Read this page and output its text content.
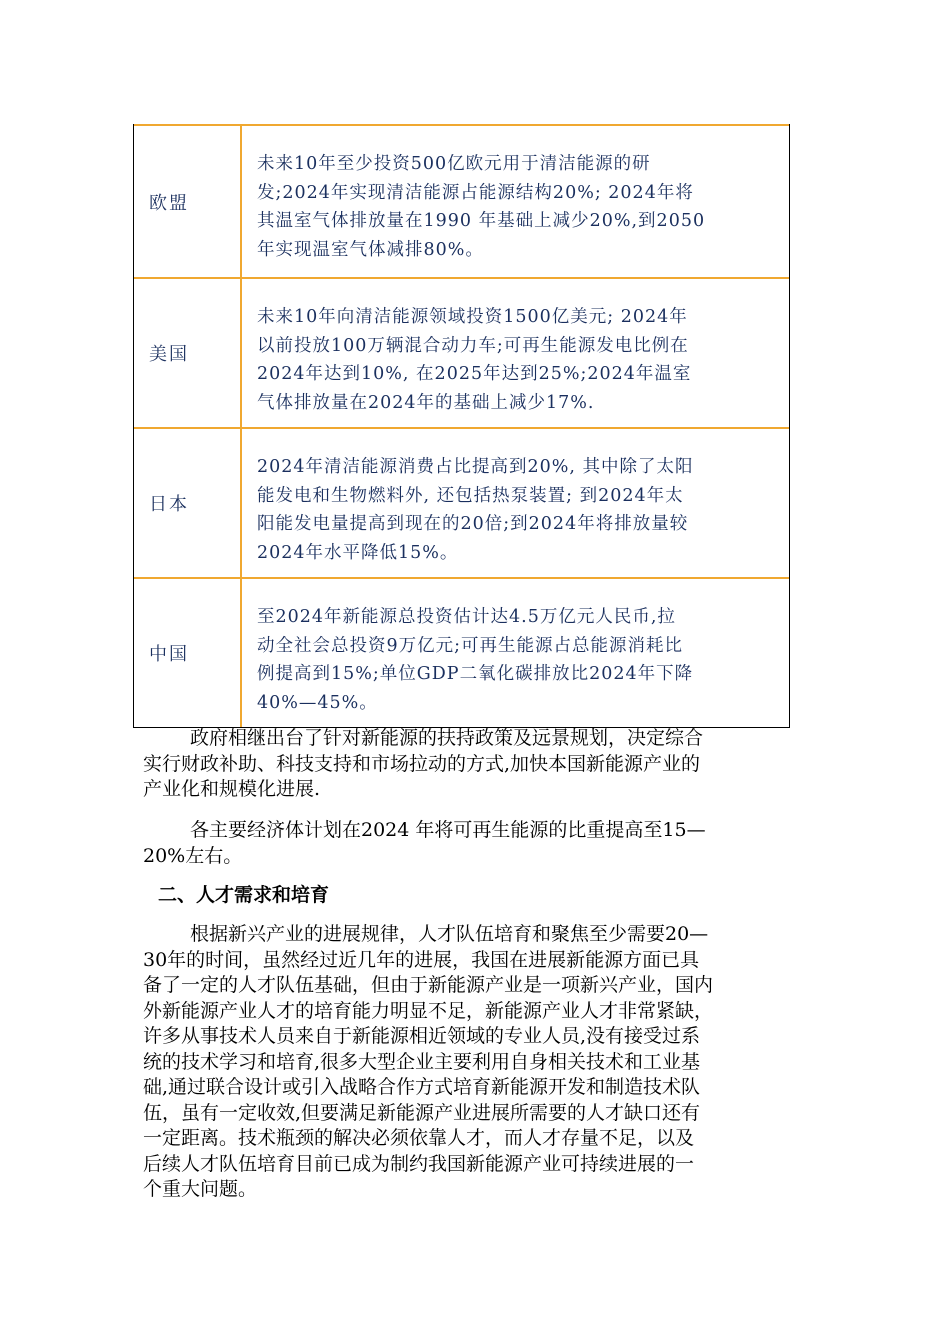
欧盟
未来10年至少投资500亿欧元用于清洁能源的研
发;2024年实现清洁能源占能源结构20%; 2024年将
其温室气体排放量在1990 年基础上减少20%,到2050
年实现温室气体减排80%。
美国
未来10年向清洁能源领域投资1500亿美元; 2024年
以前投放100万辆混合动力车;可再生能源发电比例在
2024年达到10%, 在2025年达到25%;2024年温室
气体排放量在2024年的基础上减少17%.
日本
2024年清洁能源消费占比提高到20%, 其中除了太阳
能发电和生物燃料外, 还包括热泵装置; 到2024年太
阳能发电量提高到现在的20倍;到2024年将排放量较
2024年水平降低15%。
中国
至2024年新能源总投资估计达4.5万亿元人民币,拉
动全社会总投资9万亿元;可再生能源占总能源消耗比
例提高到15%;单位GDP二氧化碳排放比2024年下降
40%—45%。
政府相继出台了针对新能源的扶持政策及远景规划，决定综合
实行财政补助、科技支持和市场拉动的方式,加快本国新能源产业的
产业化和规模化进展.
各主要经济体计划在2024 年将可再生能源的比重提高至15—
20%左右。
二、人才需求和培育
根据新兴产业的进展规律，人才队伍培育和聚焦至少需要20—
30年的时间，虽然经过近几年的进展，我国在进展新能源方面已具
备了一定的人才队伍基础，但由于新能源产业是一项新兴产业，国内
外新能源产业人才的培育能力明显不足，新能源产业人才非常紧缺，
许多从事技术人员来自于新能源相近领域的专业人员,没有接受过系
统的技术学习和培育,很多大型企业主要利用自身相关技术和工业基
础,通过联合设计或引入战略合作方式培育新能源开发和制造技术队
伍，虽有一定收效,但要满足新能源产业进展所需要的人才缺口还有
一定距离。技术瓶颈的解决必须依靠人才，而人才存量不足，以及
后续人才队伍培育目前已成为制约我国新能源产业可持续进展的一
个重大问题。
